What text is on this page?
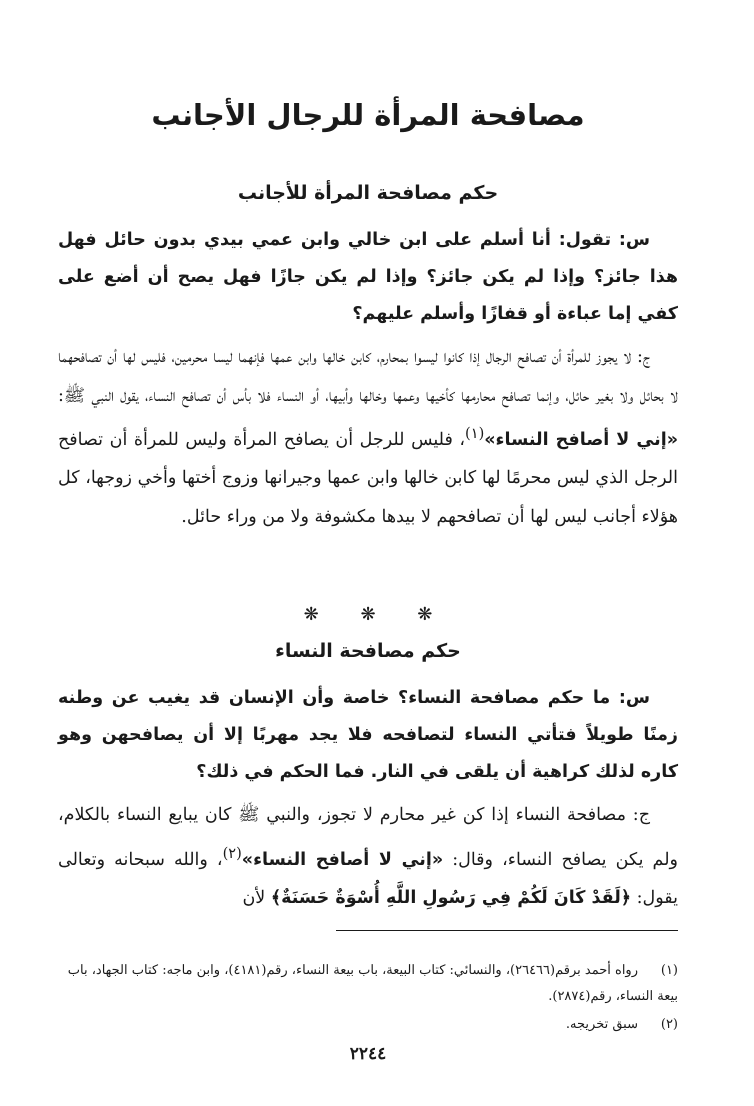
مصافحة المرأة للرجال الأجانب
حكم مصافحة المرأة للأجانب

س: تقول: أنا أسلم على ابن خالي وابن عمي بيدي بدون حائل فهل هذا جائز؟ وإذا لم يكن جائز؟ وإذا لم يكن جازًا فهل يصح أن أضع على كفي إما عباءة أو قفازًا وأسلم عليهم؟

ج: لا يجوز للمرأة أن تصافح الرجال إذا كانوا ليسوا بمحارم، كابن خالها وابن عمها فإنهما ليسا محرمين، فليس لها أن تصافحهما لا بحائل ولا بغير حائل، وإنما تصافح محارمها كأخيها وعمها وخالها وأبيها، أو النساء فلا بأس أن تصافح النساء، يقول النبي ﷺ: «إني لا أصافح النساء»$^{(١)}$، فليس للرجل أن يصافح المرأة وليس للمرأة أن تصافح الرجل الذي ليس محرمًا لها كابن خالها وابن عمها وجيرانها وزوج أختها وأخي زوجها، كل هؤلاء أجانب ليس لها أن تصافحهم لا بيدها مكشوفة ولا من وراء حائل.

❋ ❋ ❋
حكم مصافحة النساء

س: ما حكم مصافحة النساء؟ خاصة وأن الإنسان قد يغيب عن وطنه زمنًا طويلاً فتأتي النساء لتصافحه فلا يجد مهربًا إلا أن يصافحهن وهو كاره لذلك كراهية أن يلقى في النار. فما الحكم في ذلك؟

ج: مصافحة النساء إذا كن غير محارم لا تجوز، والنبي ﷺ كان يبايع النساء بالكلام، ولم يكن يصافح النساء، وقال: «إني لا أصافح النساء»$^{(٢)}$، والله سبحانه وتعالى يقول: ﴿لَقَدْ كَانَ لَكُمْ فِي رَسُولِ اللَّهِ أُسْوَةٌ حَسَنَةٌ﴾ لأن

(١)رواه أحمد برقم(٢٦٤٦٦)، والنسائي: كتاب البيعة، باب بيعة النساء، رقم(٤١٨١)، وابن ماجه: كتاب الجهاد، باب بيعة النساء، رقم(٢٨٧٤).

(٢)سبق تخريجه.

٢٢٤٤
